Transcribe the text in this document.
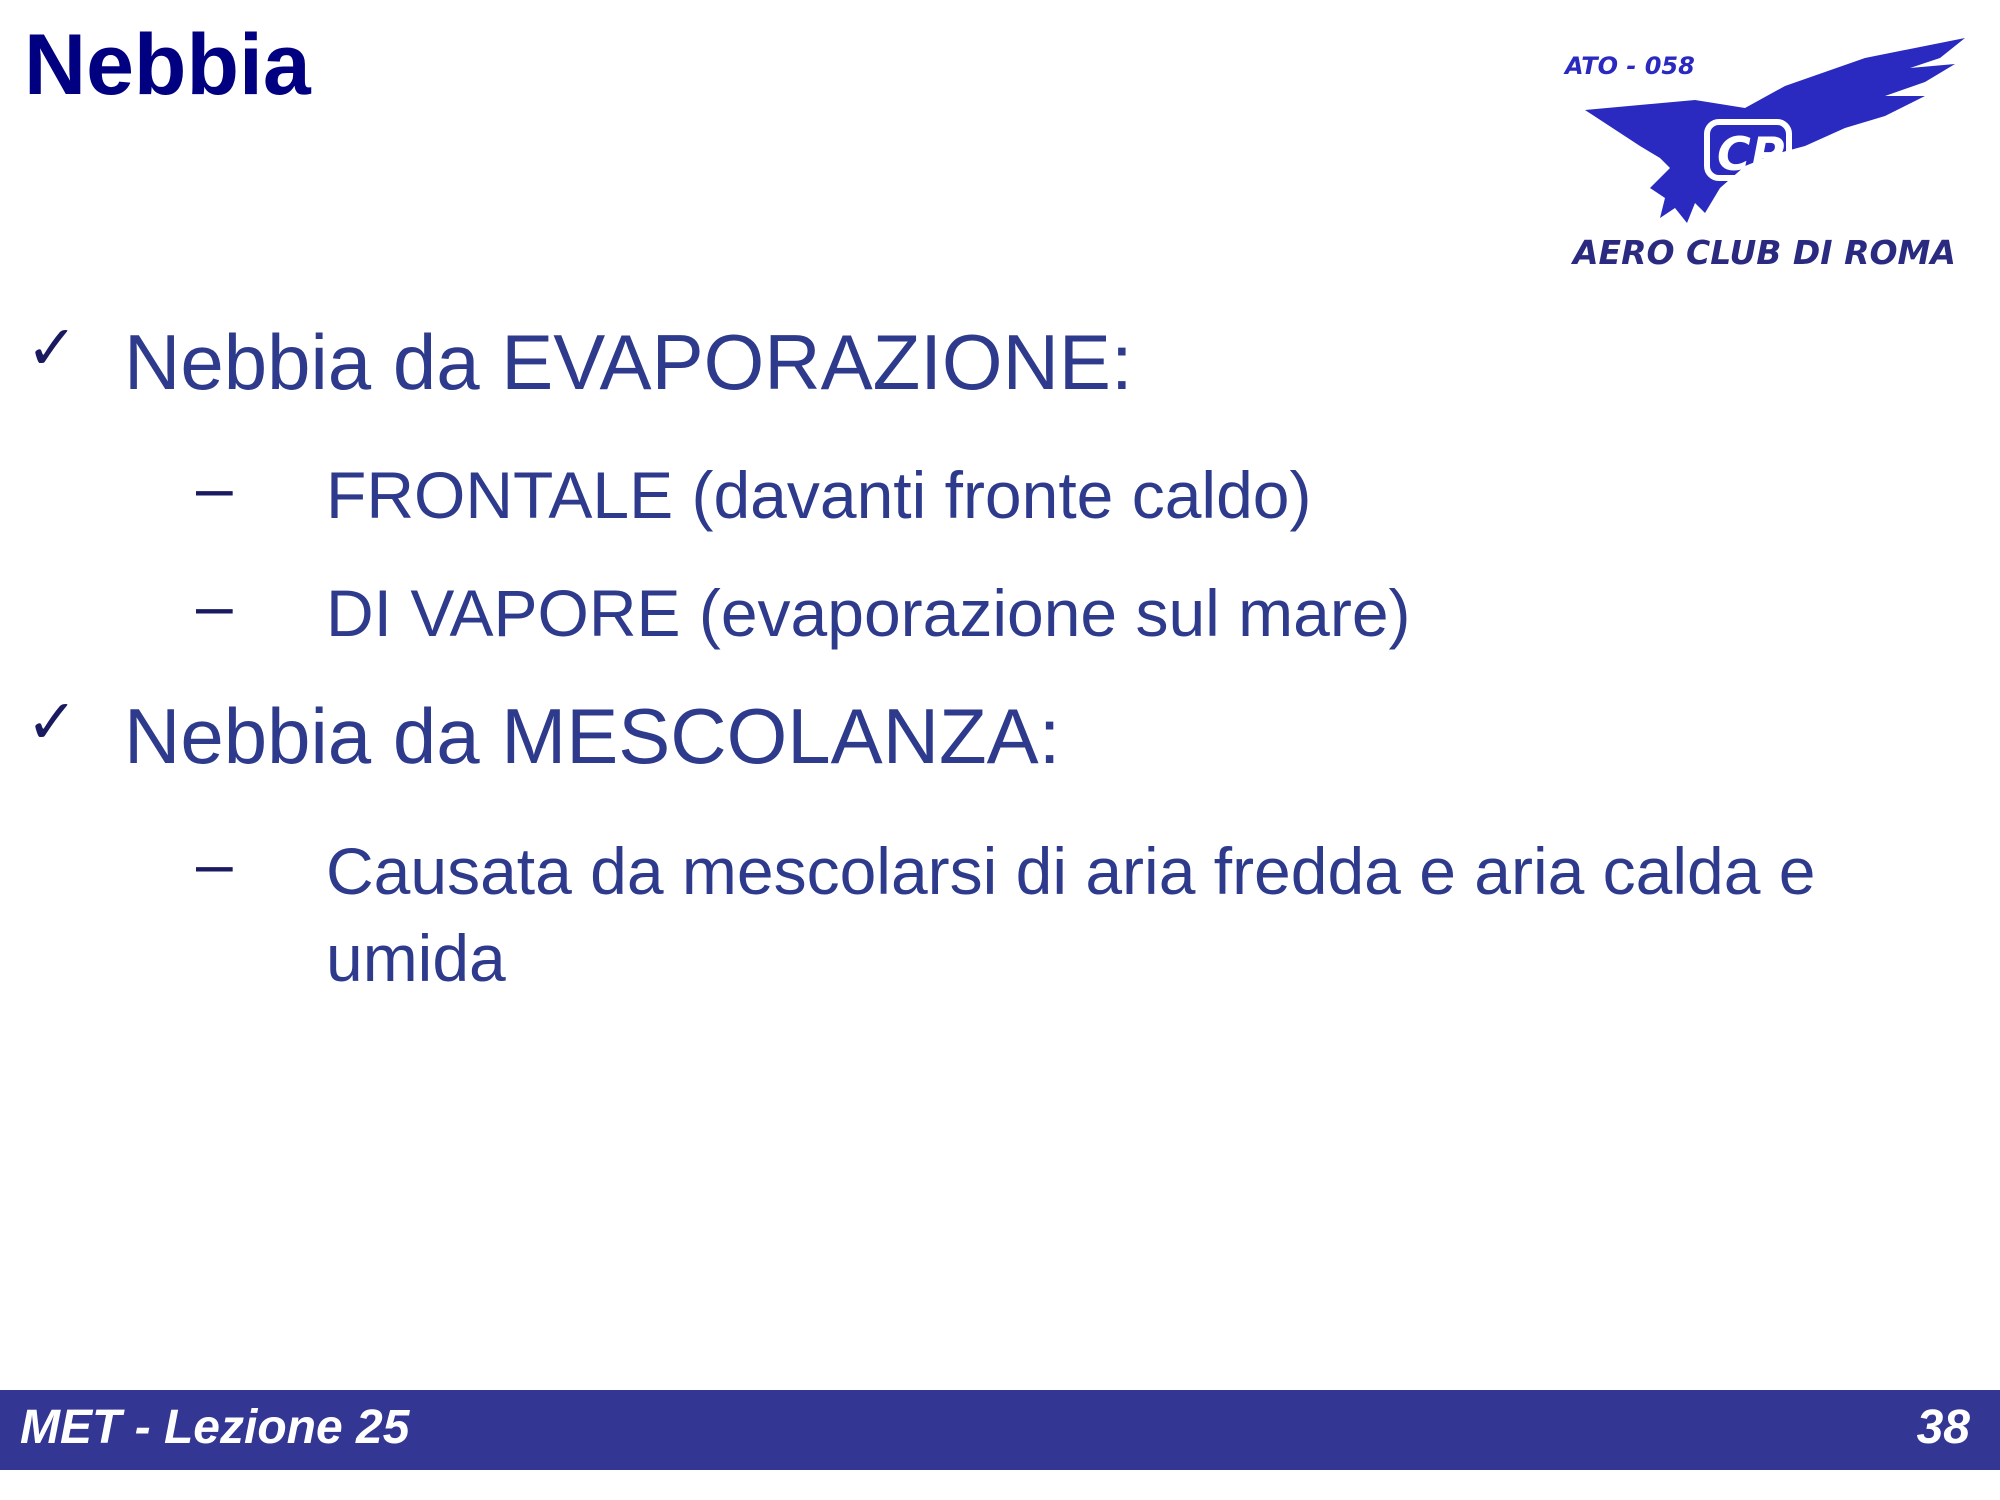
Nebbia	ATO - 058
CP
AERO CLUB DI ROMA
✓ Nebbia da EVAPORAZIONE:
– FRONTALE (davanti fronte caldo)
– DI VAPORE (evaporazione sul mare)
✓ Nebbia da MESCOLANZA:
– Causata da mescolarsi di aria fredda e aria calda e umida
MET - Lezione 25	38
